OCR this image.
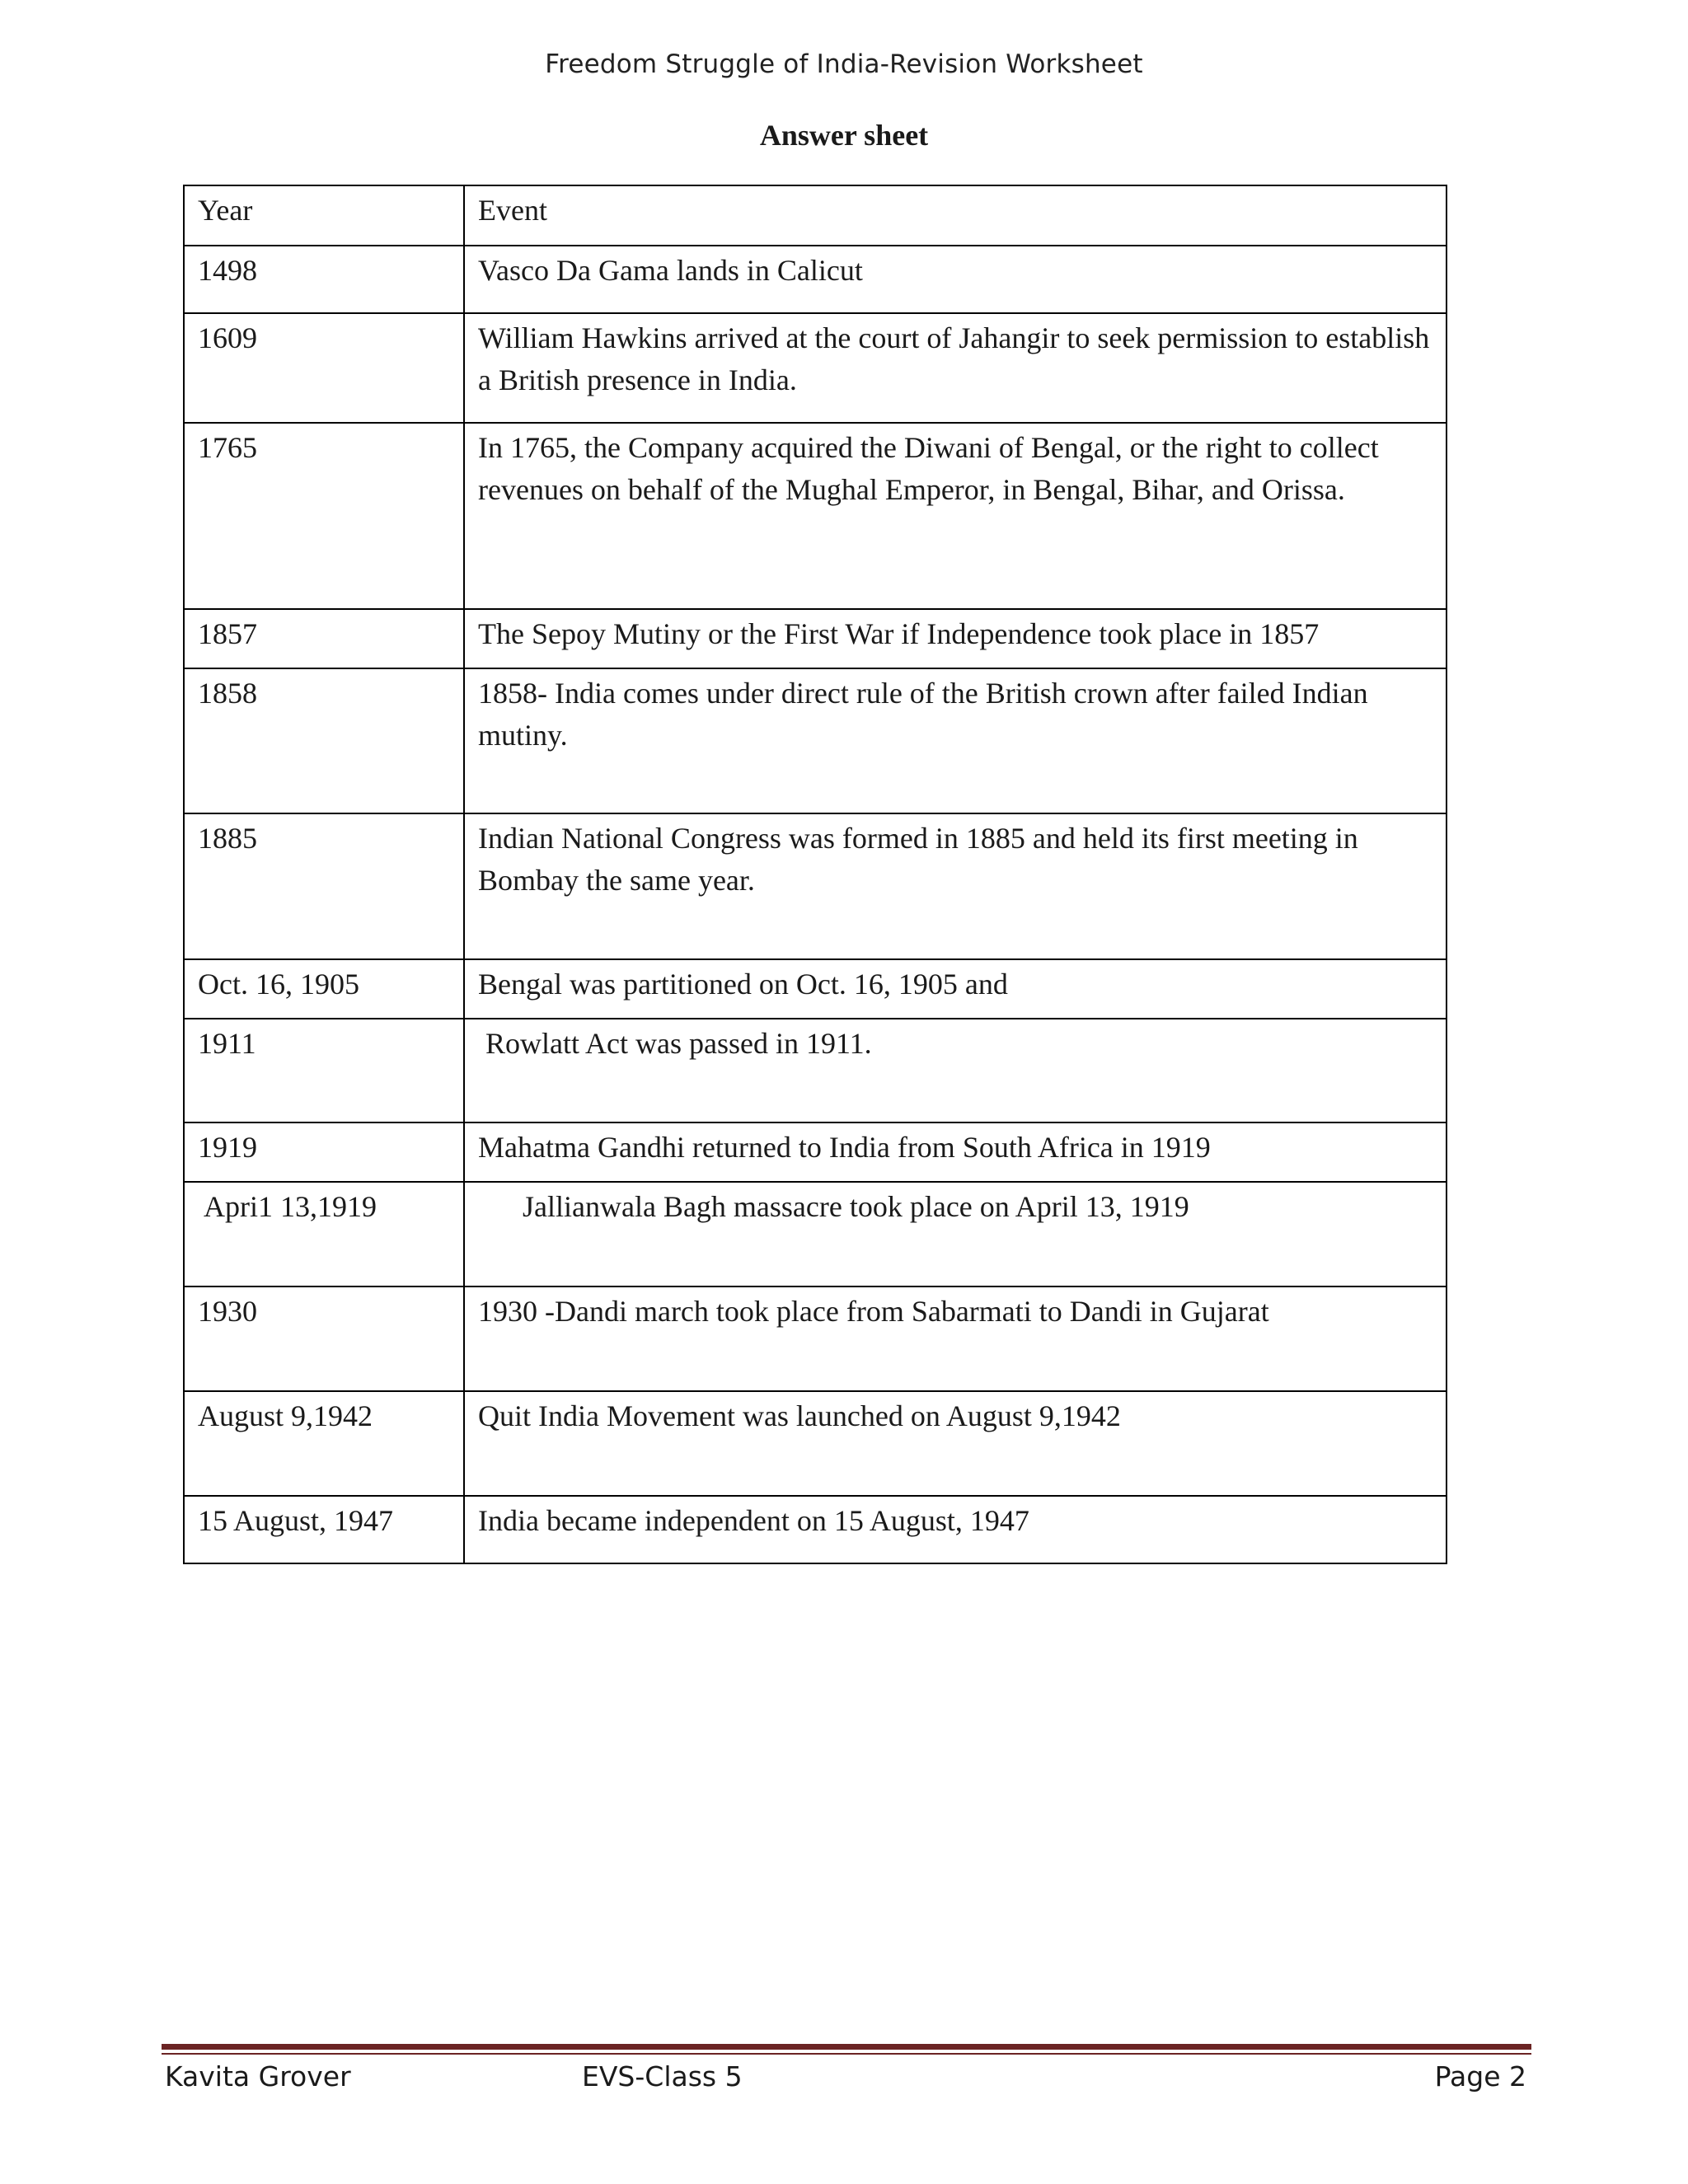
Freedom Struggle of India-Revision Worksheet
Answer sheet
Year	Event
1498	Vasco Da Gama lands in Calicut
1609	William Hawkins arrived at the court of Jahangir to seek permission to establish a British presence in India.
1765	In 1765, the Company acquired the Diwani of Bengal, or the right to collect revenues on behalf of the Mughal Emperor, in Bengal, Bihar, and Orissa.
1857	The Sepoy Mutiny or the First War if Independence took place in 1857
1858	1858- India comes under direct rule of the British crown after failed Indian mutiny.
1885	Indian National Congress was formed in 1885 and held its first meeting in Bombay the same year.
Oct. 16, 1905	Bengal was partitioned on Oct. 16, 1905 and
1911	Rowlatt Act was passed in 1911.
1919	Mahatma Gandhi returned to India from South Africa in 1919
Apri1 13,1919	Jallianwala Bagh massacre took place on April 13, 1919
1930	1930 -Dandi march took place from Sabarmati to Dandi in Gujarat
August 9,1942	Quit India Movement was launched on August 9,1942
15 August, 1947	India became independent on 15 August, 1947
Kavita Grover	EVS-Class 5	Page 2
